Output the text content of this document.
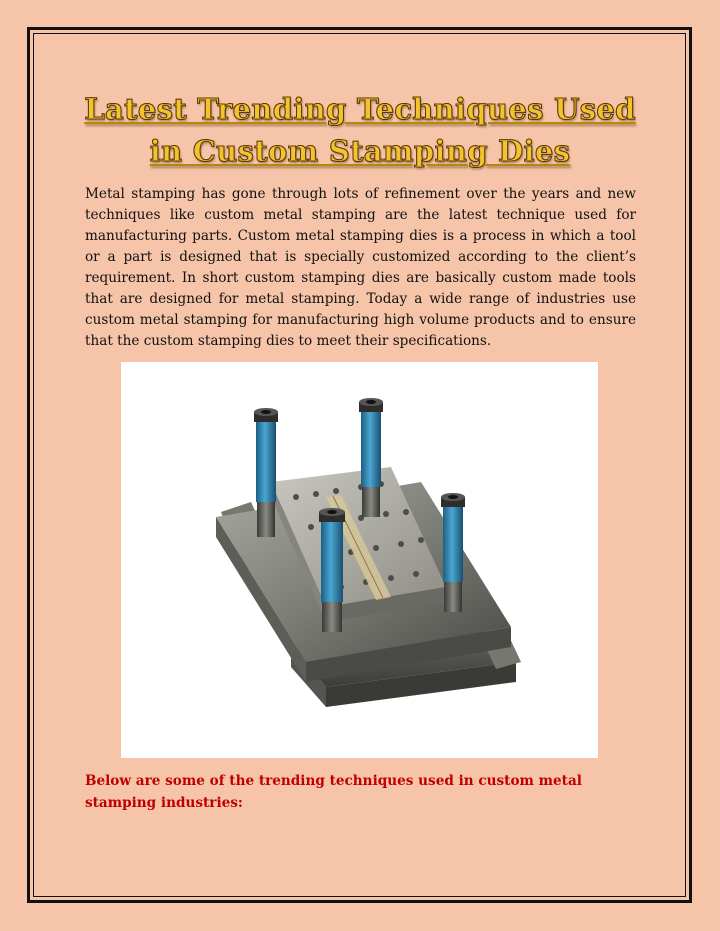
Latest Trending Techniques Used
in Custom Stamping Dies

Metal stamping has gone through lots of refinement over the years and new techniques like custom metal stamping are the latest technique used for manufacturing parts. Custom metal stamping dies is a process in which a tool or a part is designed that is specially customized according to the client’s requirement. In short custom stamping dies are basically custom made tools that are designed for metal stamping. Today a wide range of industries use custom metal stamping for manufacturing high volume products and to ensure that the custom stamping dies to meet their specifications.

Below are some of the trending techniques used in custom metal stamping industries:
